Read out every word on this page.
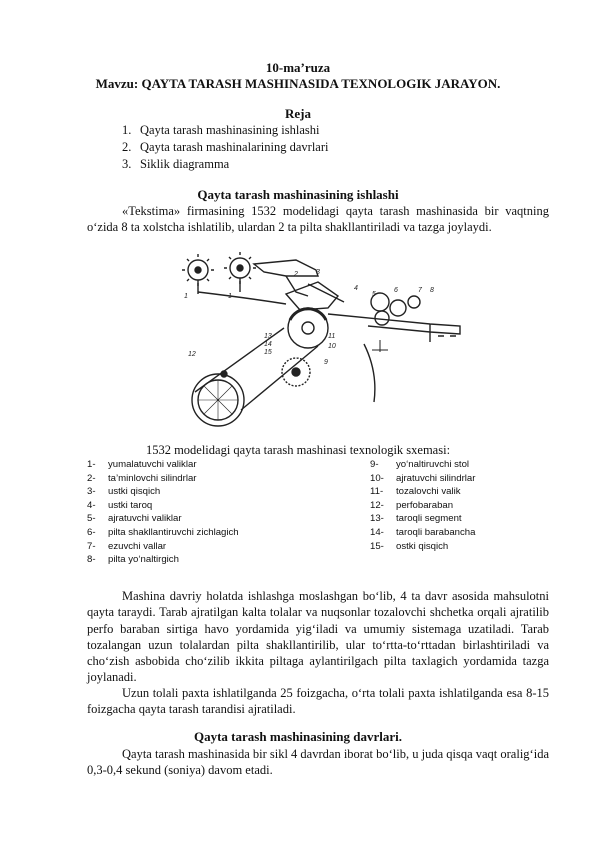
10-ma’ruza
Mavzu: QAYTA TARASH MASHINASIDA TEXNOLOGIK JARAYON.
Reja
1. Qayta tarash mashinasining ishlashi
2. Qayta tarash mashinalarining davrlari
3. Siklik diagramma
Qayta tarash mashinasining ishlashi

«Tekstima» firmasining 1532 modelidagi qayta tarash mashinasida bir vaqtning o‘zida 8 ta xolstcha ishlatilib, ulardan 2 ta pilta shakllantiriladi va tazga joylaydi.

1	1
2	3
4
5
6	7 8
9
10
11
12
13
14
15
1532 modelidagi qayta tarash mashinasi texnologik sxemasi:
1- yumalatuvchi valiklar
2- ta’minlovchi silindrlar
3- ustki qisqich
4- ustki taroq
5- ajratuvchi valiklar
6- pilta shakllantiruvchi zichlagich
7- ezuvchi vallar
8- pilta yo‘naltirgich
9- yo‘naltiruvchi stol
10- ajratuvchi silindrlar
11- tozalovchi valik
12- perfobaraban
13- taroqli segment
14- taroqli barabancha
15- ostki qisqich

Mashina davriy holatda ishlashga moslashgan bo‘lib, 4 ta davr asosida mahsulotni qayta taraydi. Tarab ajratilgan kalta tolalar va nuqsonlar tozalovchi shchetka orqali ajratilib perfo baraban sirtiga havo yordamida yig‘iladi va umumiy sistemaga uzatiladi. Tarab tozalangan uzun tolalardan pilta shakllantirilib, ular to‘rtta-to‘rttadan birlashtiriladi va cho‘zish asbobida cho‘zilib ikkita piltaga aylantirilgach pilta taxlagich yordamida tazga joylanadi.

Uzun tolali paxta ishlatilganda 25 foizgacha, o‘rta tolali paxta ishlatilganda esa 8-15 foizgacha qayta tarash tarandisi ajratiladi.

Qayta tarash mashinasining davrlari.

Qayta tarash mashinasida bir sikl 4 davrdan iborat bo‘lib, u juda qisqa vaqt oralig‘ida 0,3-0,4 sekund (soniya) davom etadi.
